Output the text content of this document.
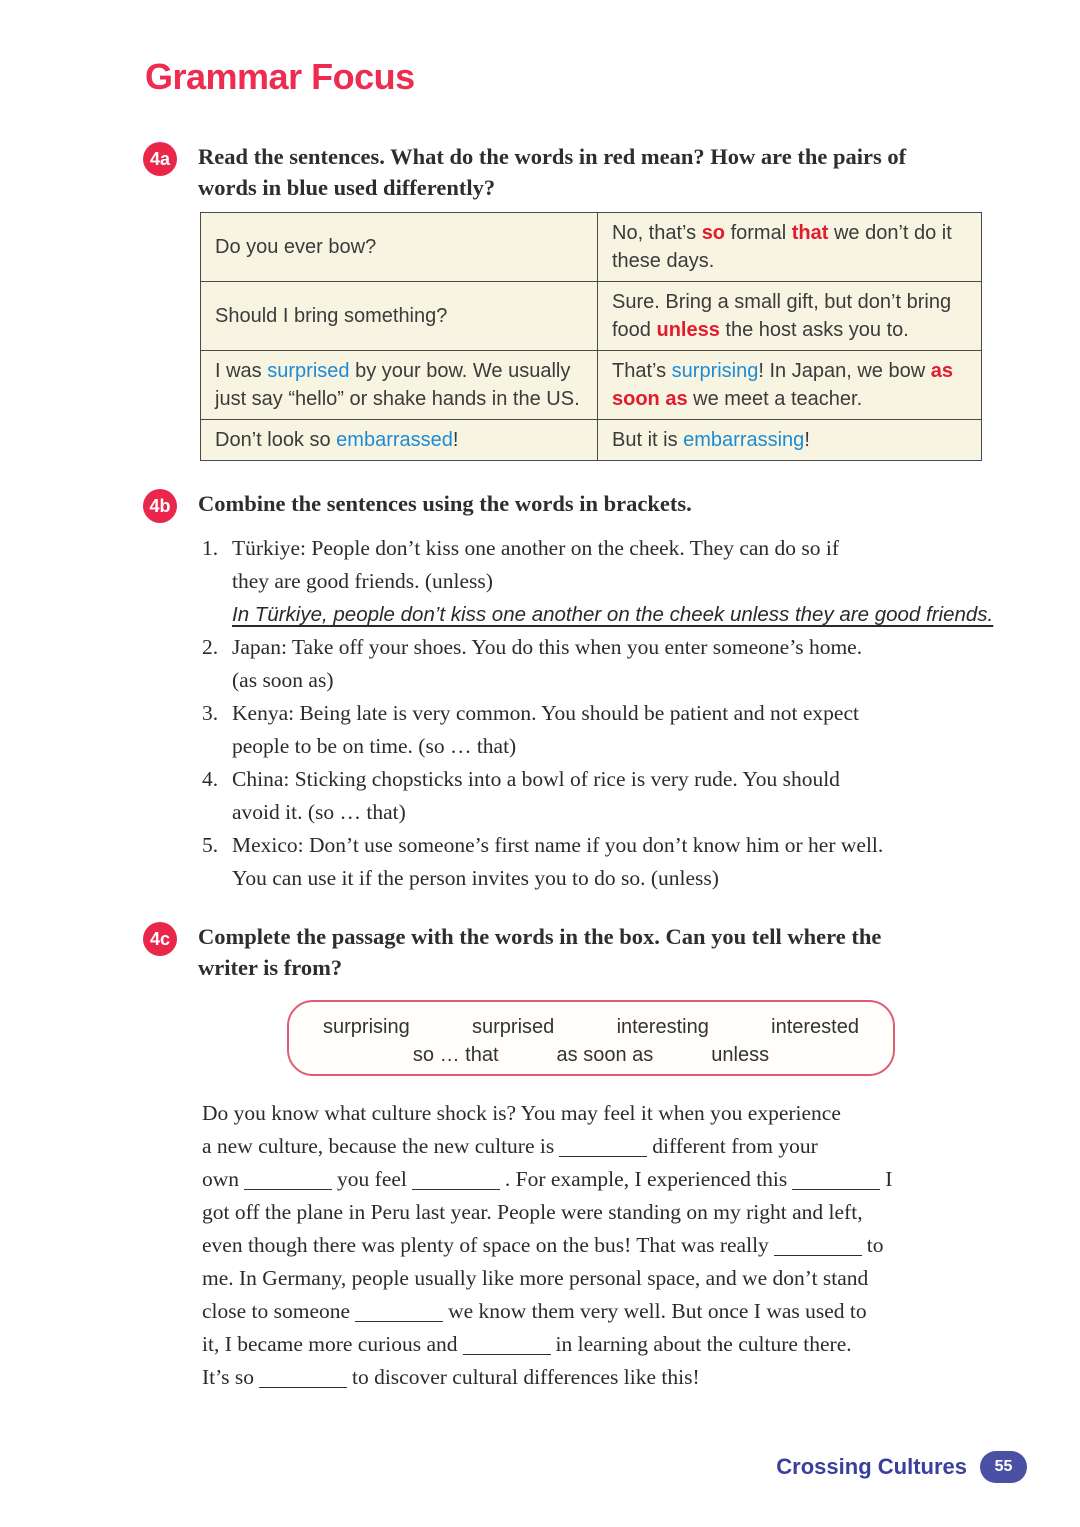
Grammar Focus
4a	Read the sentences. What do the words in red mean? How are the pairs of
words in blue used differently?
Do you ever bow?	No, that’s so formal that we don’t do it these days.
Should I bring something?	Sure. Bring a small gift, but don’t bring food unless the host asks you to.
I was surprised by your bow. We usually just say “hello” or shake hands in the US.	That’s surprising! In Japan, we bow as soon as we meet a teacher.
Don’t look so embarrassed!	But it is embarrassing!
4b Combine the sentences using the words in brackets.
1. Türkiye: People don’t kiss one another on the cheek. They can do so if
they are good friends. (unless)
In Türkiye, people don’t kiss one another on the cheek unless they are good friends.
2. Japan: Take off your shoes. You do this when you enter someone’s home.
(as soon as)
3. Kenya: Being late is very common. You should be patient and not expect
people to be on time. (so … that)
4. China: Sticking chopsticks into a bowl of rice is very rude. You should
avoid it. (so … that)
5. Mexico: Don’t use someone’s first name if you don’t know him or her well.
You can use it if the person invites you to do so. (unless)
4c	Complete the passage with the words in the box. Can you tell where the
writer is from?
surprising	surprised	interesting	interested
so … that	as soon as	unless
Do you know what culture shock is? You may feel it when you experience
a new culture, because the new culture is	different from your
own	you feel	. For example, I experienced this	I
got off the plane in Peru last year. People were standing on my right and left,
even though there was plenty of space on the bus! That was really	to
me. In Germany, people usually like more personal space, and we don’t stand
close to someone	we know them very well. But once I was used to
it, I became more curious and	in learning about the culture there.
It’s so	to discover cultural differences like this!
Crossing Cultures	55
